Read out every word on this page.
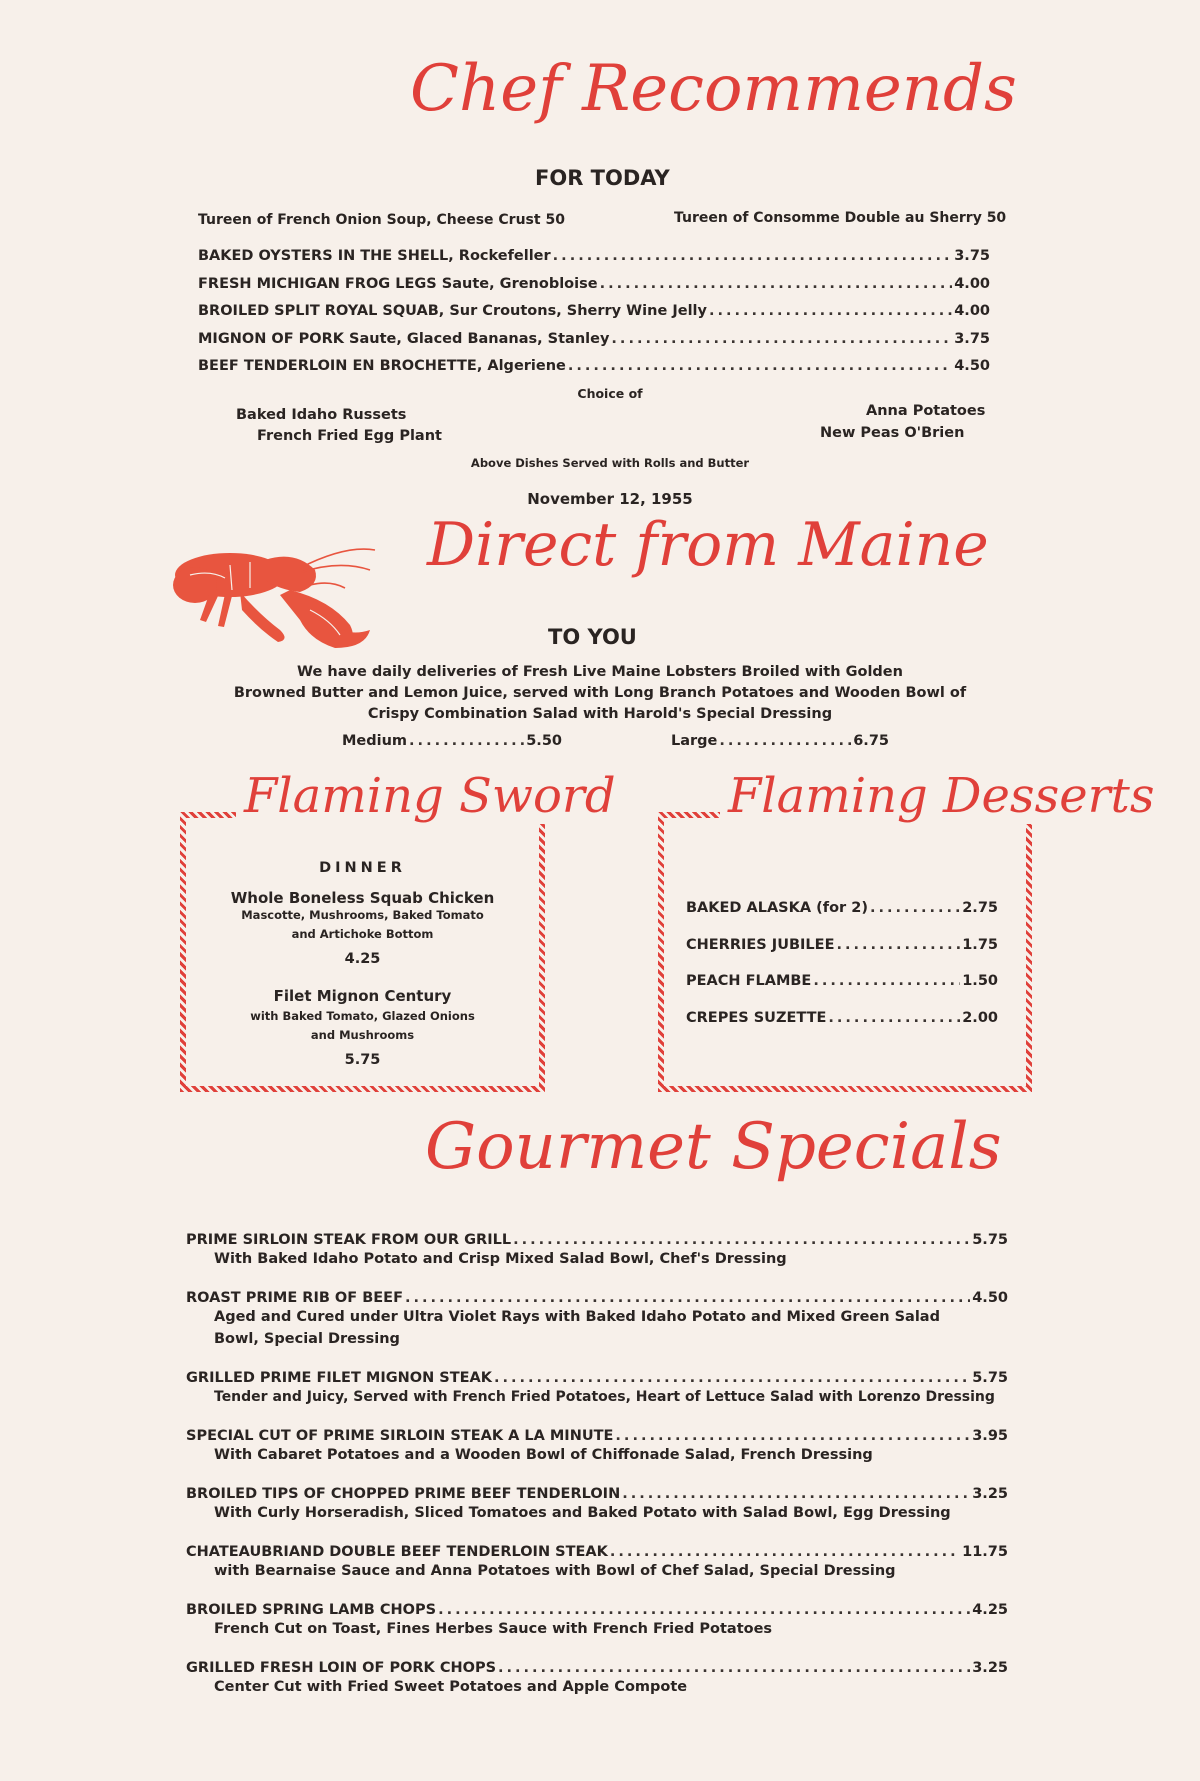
Chef Recommends
FOR TODAY
Tureen of French Onion Soup, Cheese Crust 50	Tureen of Consomme Double au Sherry 50
BAKED OYSTERS IN THE SHELL, Rockefeller .....	3.75
FRESH MICHIGAN FROG LEGS Saute, Grenobloise .....	4.00
BROILED SPLIT ROYAL SQUAB, Sur Croutons, Sherry Wine Jelly .....	4.00
MIGNON OF PORK Saute, Glaced Bananas, Stanley .....	3.75
BEEF TENDERLOIN EN BROCHETTE, Algeriene .....	4.50
Choice of
Baked Idaho Russets
French Fried Egg Plant
Anna Potatoes
New Peas O'Brien
Above Dishes Served with Rolls and Butter
November 12, 1955
Direct from Maine
TO YOU
We have daily deliveries of Fresh Live Maine Lobsters Broiled with Golden
Browned Butter and Lemon Juice, served with Long Branch Potatoes and Wooden Bowl of
Crispy Combination Salad with Harold's Special Dressing
Medium .....	5.50	Large .....	6.75
Flaming Sword
DINNER
Whole Boneless Squab Chicken
Mascotte, Mushrooms, Baked Tomato
and Artichoke Bottom
4.25
Filet Mignon Century
with Baked Tomato, Glazed Onions
and Mushrooms
5.75
Flaming Desserts
BAKED ALASKA (for 2) .....	2.75
CHERRIES JUBILEE .....	1.75
PEACH FLAMBE .....	1.50
CREPES SUZETTE .....	2.00
Gourmet Specials
PRIME SIRLOIN STEAK FROM OUR GRILL .....	5.75
With Baked Idaho Potato and Crisp Mixed Salad Bowl, Chef's Dressing
ROAST PRIME RIB OF BEEF .....	4.50
Aged and Cured under Ultra Violet Rays with Baked Idaho Potato and Mixed Green Salad
Bowl, Special Dressing
GRILLED PRIME FILET MIGNON STEAK .....	5.75
Tender and Juicy, Served with French Fried Potatoes, Heart of Lettuce Salad with Lorenzo Dressing
SPECIAL CUT OF PRIME SIRLOIN STEAK A LA MINUTE .....	3.95
With Cabaret Potatoes and a Wooden Bowl of Chiffonade Salad, French Dressing
BROILED TIPS OF CHOPPED PRIME BEEF TENDERLOIN .....	3.25
With Curly Horseradish, Sliced Tomatoes and Baked Potato with Salad Bowl, Egg Dressing
CHATEAUBRIAND DOUBLE BEEF TENDERLOIN STEAK .....	11.75
with Bearnaise Sauce and Anna Potatoes with Bowl of Chef Salad, Special Dressing
BROILED SPRING LAMB CHOPS .....	4.25
French Cut on Toast, Fines Herbes Sauce with French Fried Potatoes
GRILLED FRESH LOIN OF PORK CHOPS .....	3.25
Center Cut with Fried Sweet Potatoes and Apple Compote
